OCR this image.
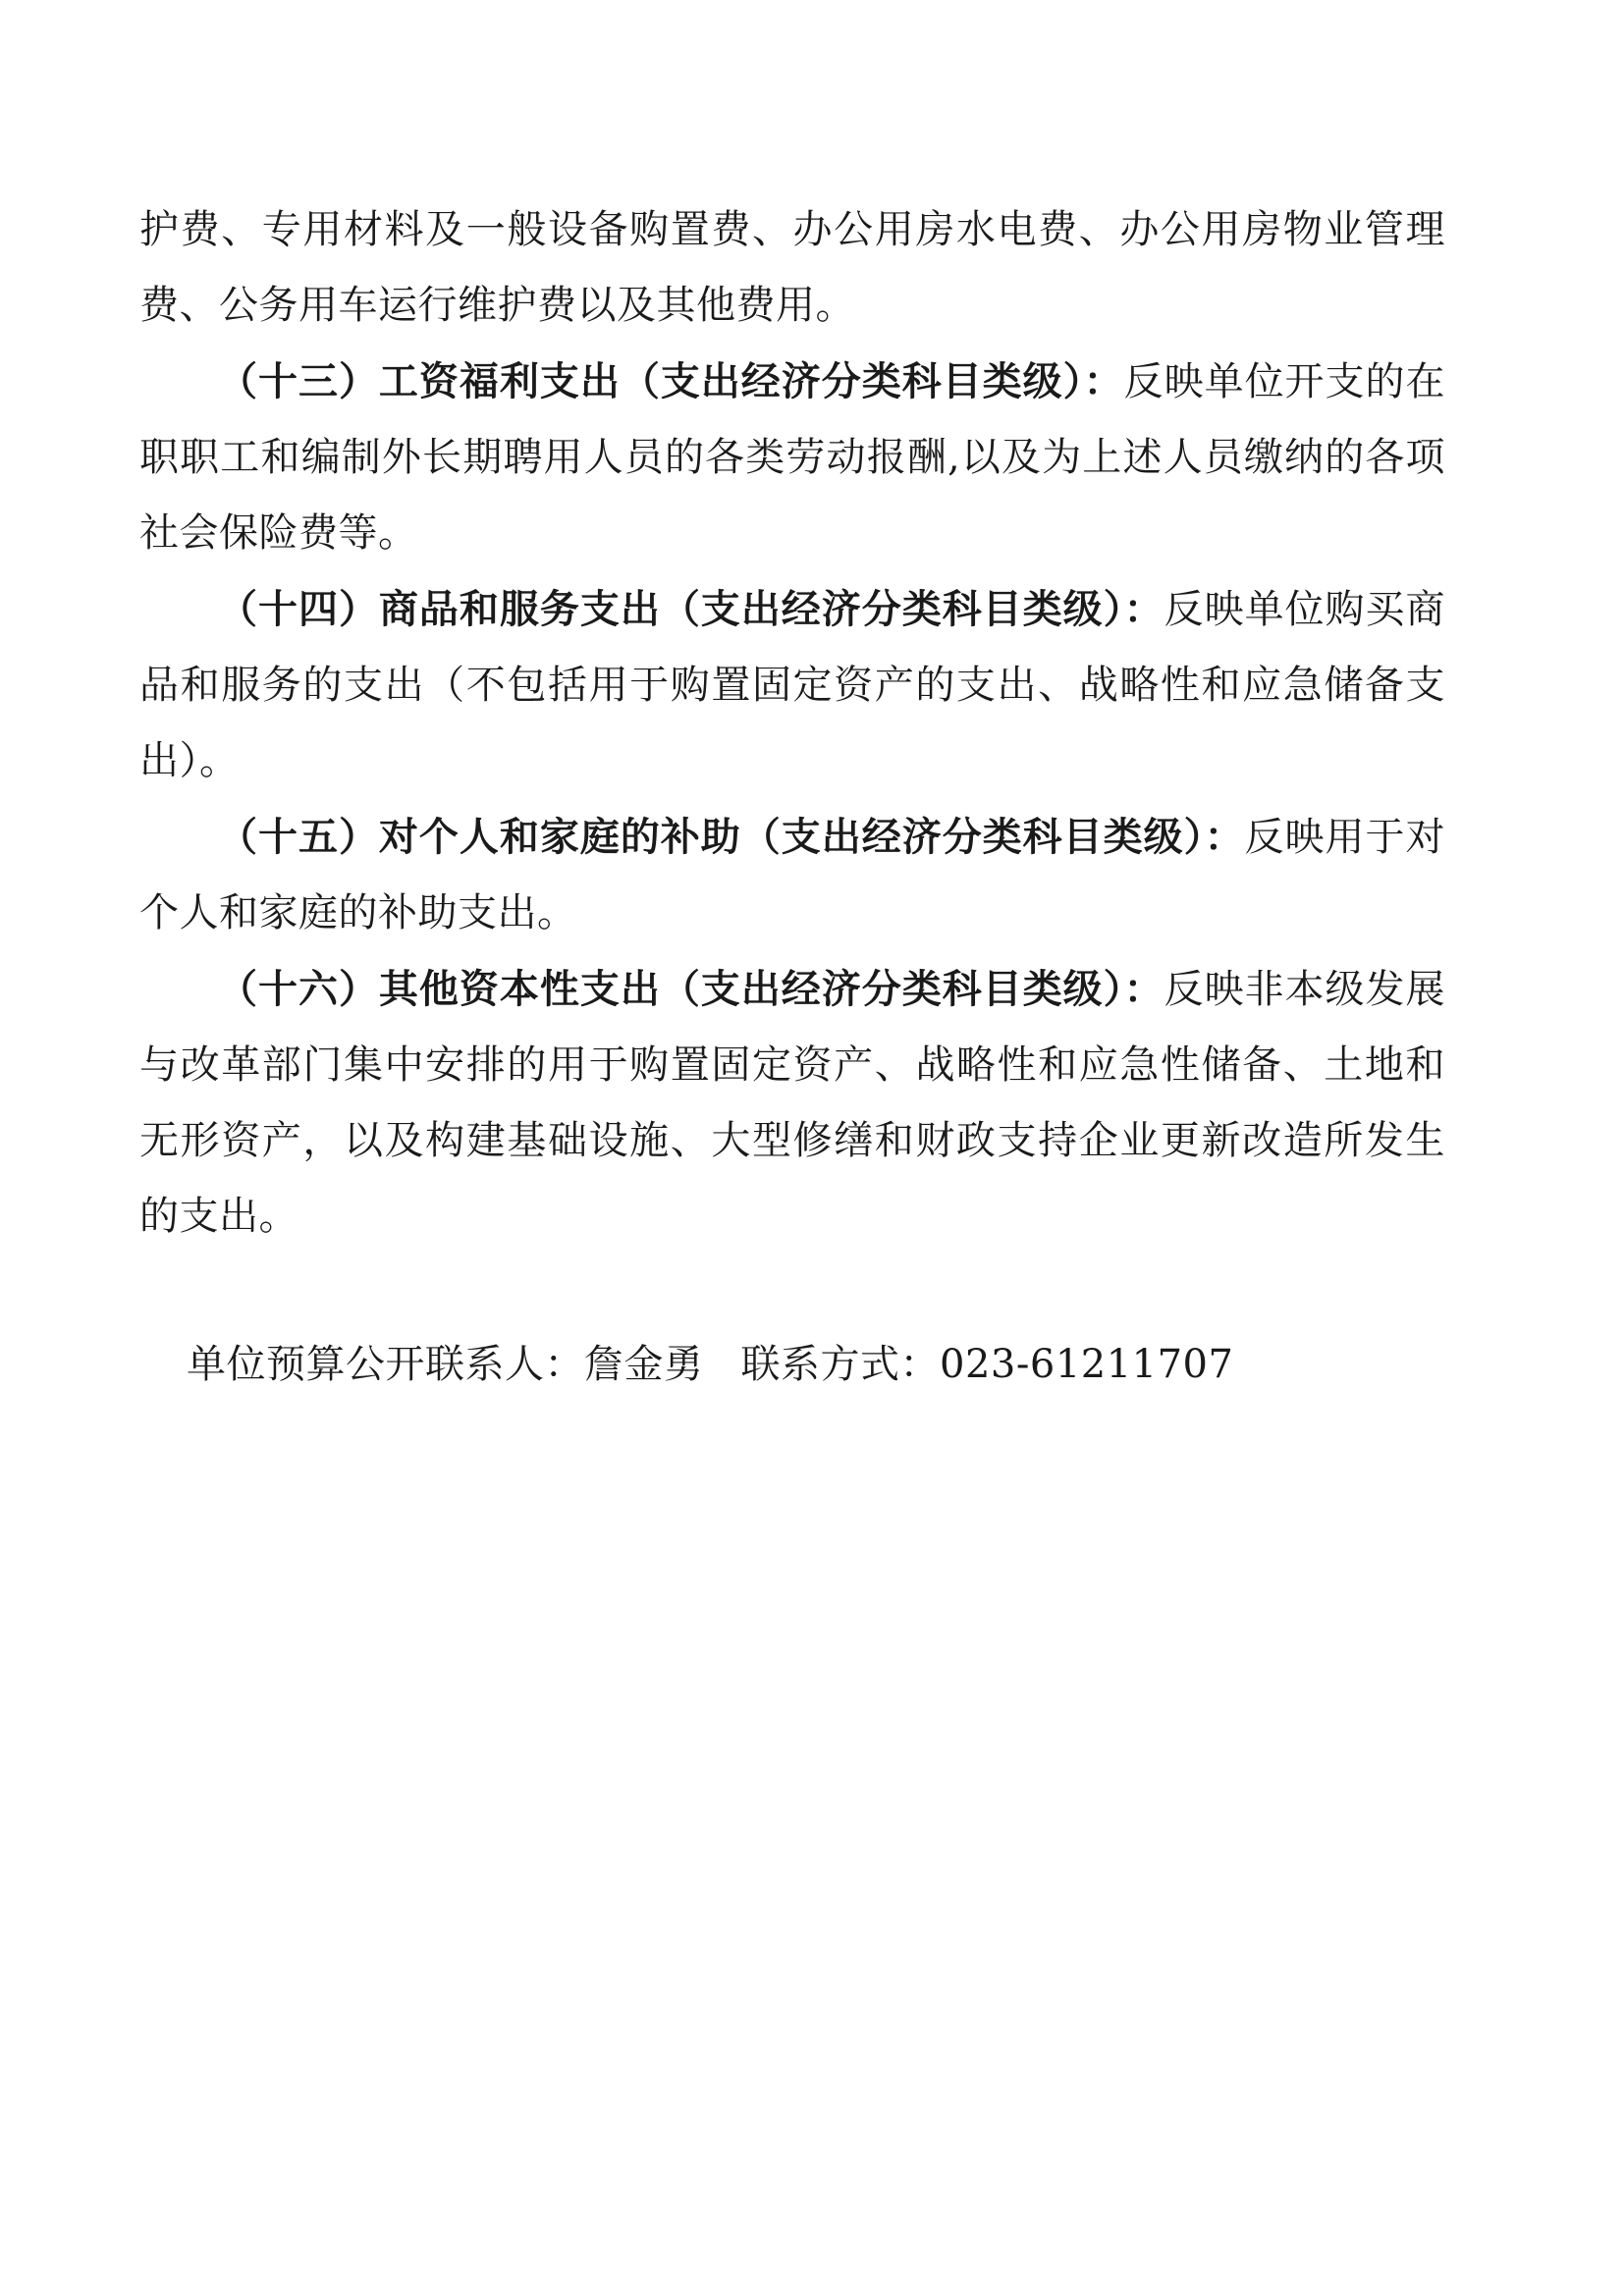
护费、专用材料及一般设备购置费、办公用房水电费、办公用房物业管理费、公务用车运行维护费以及其他费用。

（十三）工资福利支出（支出经济分类科目类级）：反映单位开支的在职职工和编制外长期聘用人员的各类劳动报酬,以及为上述人员缴纳的各项社会保险费等。

（十四）商品和服务支出（支出经济分类科目类级）：反映单位购买商品和服务的支出（不包括用于购置固定资产的支出、战略性和应急储备支出）。

（十五）对个人和家庭的补助（支出经济分类科目类级）：反映用于对个人和家庭的补助支出。

（十六）其他资本性支出（支出经济分类科目类级）：反映非本级发展与改革部门集中安排的用于购置固定资产、战略性和应急性储备、土地和无形资产，以及构建基础设施、大型修缮和财政支持企业更新改造所发生的支出。

单位预算公开联系人：詹金勇 联系方式：023-61211707
